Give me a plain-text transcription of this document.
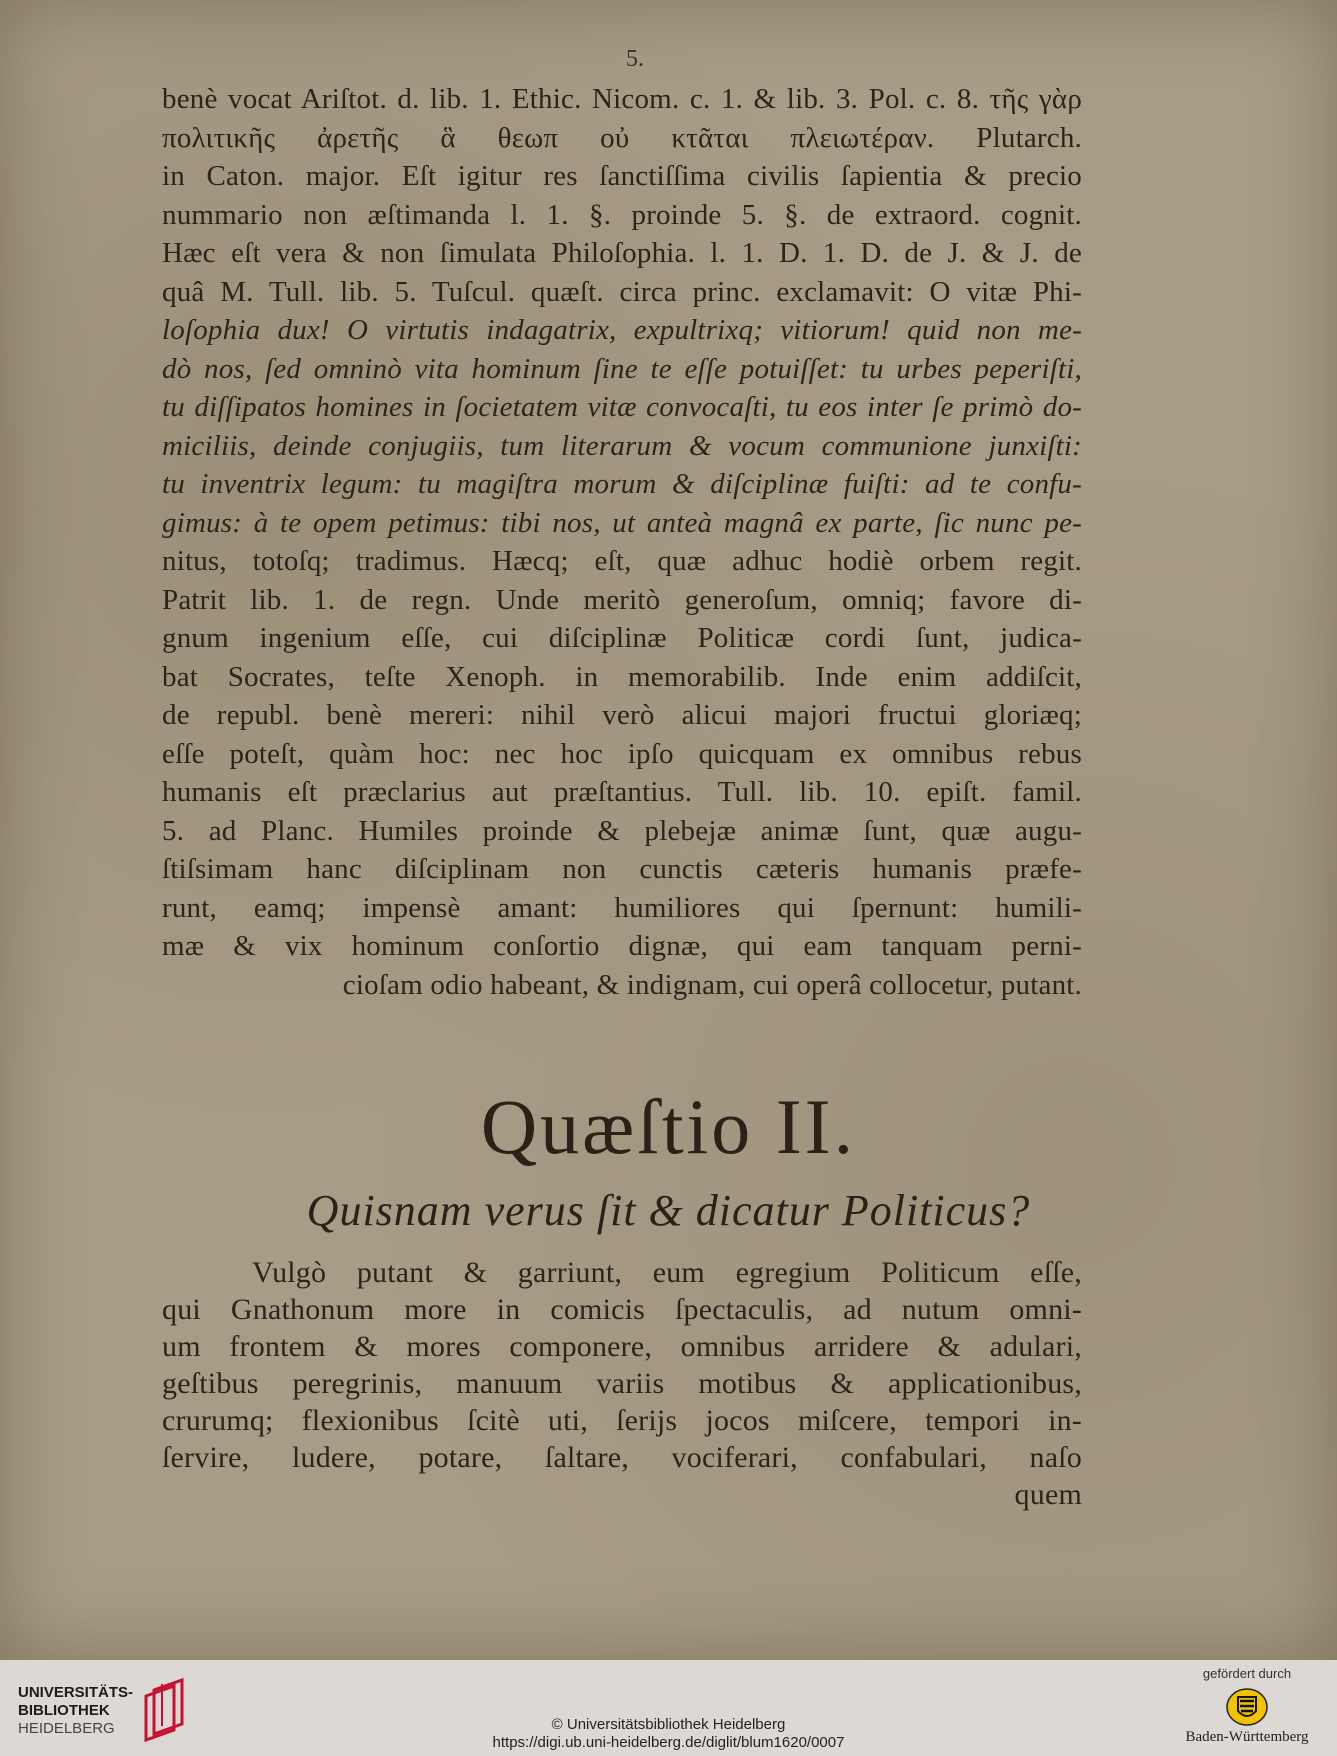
5.
benè vocat Ariſtot. d. lib. 1. Ethic. Nicom. c. 1. & lib. 3. Pol. c. 8. τῆς γὰρ
πολιτικῆς ἀρετῆς ἃ θεωπ οὐ κτᾶται πλειωτέραν. Plutarch.
in Caton. major. Eſt igitur res ſanctiſſima civilis ſapientia & precio
nummario non æſtimanda l. 1. §. proinde 5. §. de extraord. cognit.
Hæc eſt vera & non ſimulata Philoſophia. l. 1. D. 1. D. de J. & J. de
quâ M. Tull. lib. 5. Tuſcul. quæſt. circa princ. exclamavit: O vitæ Phi-
loſophia dux! O virtutis indagatrix, expultrixq; vitiorum! quid non me-
dò nos, ſed omninò vita hominum ſine te eſſe potuiſſet: tu urbes peperiſti,
tu diſſipatos homines in ſocietatem vitæ convocaſti, tu eos inter ſe primò do-
miciliis, deinde conjugiis, tum literarum & vocum communione junxiſti:
tu inventrix legum: tu magiſtra morum & diſciplinæ fuiſti: ad te confu-
gimus: à te opem petimus: tibi nos, ut anteà magnâ ex parte, ſic nunc pe-
nitus, totoſq; tradimus. Hæcq; eſt, quæ adhuc hodiè orbem regit.
Patrit lib. 1. de regn. Unde meritò generoſum, omniq; favore di-
gnum ingenium eſſe, cui diſciplinæ Politicæ cordi ſunt, judica-
bat Socrates, teſte Xenoph. in memorabilib. Inde enim addiſcit,
de republ. benè mereri: nihil verò alicui majori fructui gloriæq;
eſſe poteſt, quàm hoc: nec hoc ipſo quicquam ex omnibus rebus
humanis eſt præclarius aut præſtantius. Tull. lib. 10. epiſt. famil.
5. ad Planc. Humiles proinde & plebejæ animæ ſunt, quæ augu-
ſtiſsimam hanc diſciplinam non cunctis cæteris humanis præfe-
runt, eamq; impensè amant: humiliores qui ſpernunt: humili-
mæ & vix hominum conſortio dignæ, qui eam tanquam perni-
cioſam odio habeant, & indignam, cui operâ collocetur, putant.
Quæſtio II.
Quisnam verus ſit & dicatur Politicus?
Vulgò putant & garriunt, eum egregium Politicum eſſe,
qui Gnathonum more in comicis ſpectaculis, ad nutum omni-
um frontem & mores componere, omnibus arridere & adulari,
geſtibus peregrinis, manuum variis motibus & applicationibus,
crurumq; flexionibus ſcitè uti, ſerijs jocos miſcere, tempori in-
ſervire, ludere, potare, ſaltare, vociferari, confabulari, naſo
quem
UNIVERSITÄTS-
BIBLIOTHEK
HEIDELBERG	© Universitätsbibliothek Heidelberg
https://digi.ub.uni-heidelberg.de/diglit/blum1620/0007
gefördert durch
Baden-Württemberg
